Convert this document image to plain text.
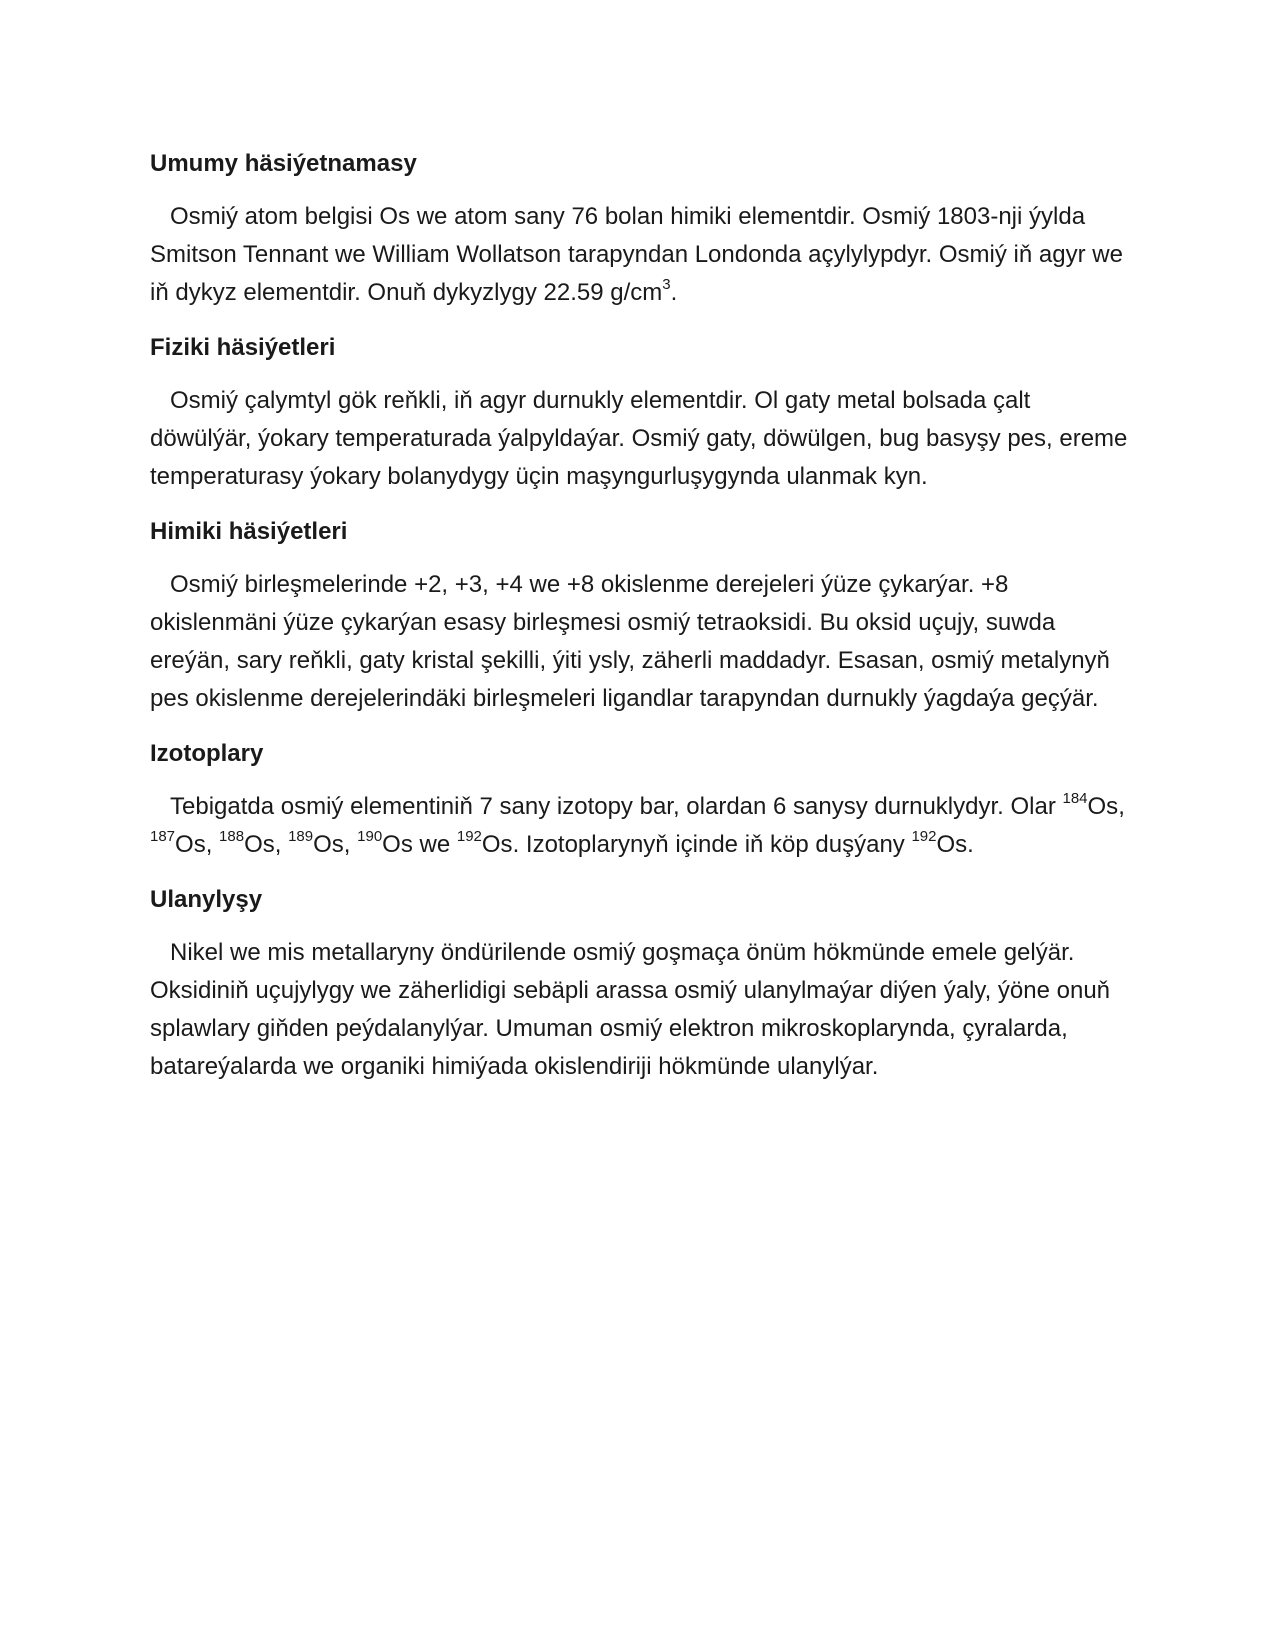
Umumy häsiýetnamasy

Osmiý atom belgisi Os we atom sany 76 bolan himiki elementdir. Osmiý 1803-nji ýylda Smitson Tennant we William Wollatson tarapyndan Londonda açylylypdyr. Osmiý iň agyr we iň dykyz elementdir. Onuň dykyzlygy 22.59 $g/cm^3$.

Fiziki häsiýetleri

Osmiý çalymtyl gök reňkli, iň agyr durnukly elementdir. Ol gaty metal bolsada çalt döwülýär, ýokary temperaturada ýalpyldaýar. Osmiý gaty, döwülgen, bug basyşy pes, ereme temperaturasy ýokary bolanydygy üçin maşyngurluşygynda ulanmak kyn.

Himiki häsiýetleri

Osmiý birleşmelerinde +2, +3, +4 we +8 okislenme derejeleri ýüze çykarýar. +8 okislenmäni ýüze çykarýan esasy birleşmesi osmiý tetraoksidi. Bu oksid uçujy, suwda ereýän, sary reňkli, gaty kristal şekilli, ýiti ysly, zäherli maddadyr. Esasan, osmiý metalynyň pes okislenme derejelerindäki birleşmeleri ligandlar tarapyndan durnukly ýagdaýa geçýär.

Izotoplary

Tebigatda osmiý elementiniň 7 sany izotopy bar, olardan 6 sanysy durnuklydyr. Olar $^{184}$Os, $^{187}$Os, $^{188}$Os, $^{189}$Os, $^{190}$Os we $^{192}$Os. Izotoplarynyň içinde iň köp duşýany $^{192}$Os.

Ulanylyşy

Nikel we mis metallaryny öndürilende osmiý goşmaça önüm hökmünde emele gelýär. Oksidiniň uçujylygy we zäherlidigi sebäpli arassa osmiý ulanylmaýar diýen ýaly, ýöne onuň splawlary giňden peýdalanylýar. Umuman osmiý elektron mikroskoplarynda, çyralarda, batareýalarda we organiki himiýada okislendiriji hökmünde ulanylýar.
